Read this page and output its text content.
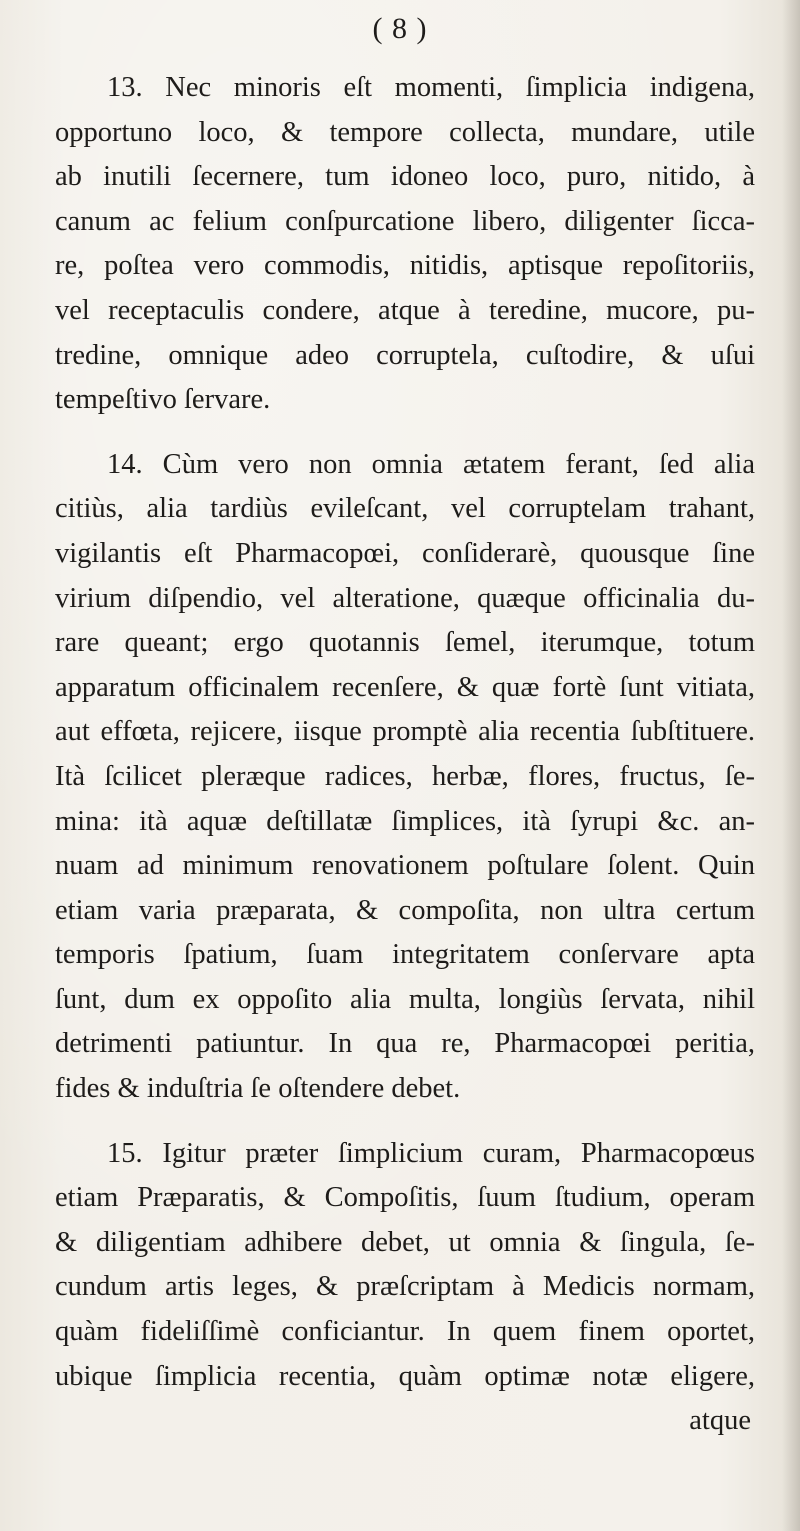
( 8 )
13. Nec minoris eſt momenti, ſimplicia indigena,
opportuno loco, & tempore collecta, mundare, utile
ab inutili ſecernere, tum idoneo loco, puro, nitido, à
canum ac felium conſpurcatione libero, diligenter ſicca-
re, poſtea vero commodis, nitidis, aptisque repoſitoriis,
vel receptaculis condere, atque à teredine, mucore, pu-
tredine, omnique adeo corruptela, cuſtodire, & uſui
tempeſtivo ſervare.
14. Cùm vero non omnia ætatem ferant, ſed alia
citiùs, alia tardiùs evileſcant, vel corruptelam trahant,
vigilantis eſt Pharmacopœi, conſiderarè, quousque ſine
virium diſpendio, vel alteratione, quæque officinalia du-
rare queant; ergo quotannis ſemel, iterumque, totum
apparatum officinalem recenſere, & quæ fortè ſunt vitiata,
aut effœta, rejicere, iisque promptè alia recentia ſubſtituere.
Ità ſcilicet pleræque radices, herbæ, flores, fructus, ſe-
mina: ità aquæ deſtillatæ ſimplices, ità ſyrupi &c. an-
nuam ad minimum renovationem poſtulare ſolent. Quin
etiam varia præparata, & compoſita, non ultra certum
temporis ſpatium, ſuam integritatem conſervare apta
ſunt, dum ex oppoſito alia multa, longiùs ſervata, nihil
detrimenti patiuntur. In qua re, Pharmacopœi peritia,
fides & induſtria ſe oſtendere debet.
15. Igitur præter ſimplicium curam, Pharmacopœus
etiam Præparatis, & Compoſitis, ſuum ſtudium, operam
& diligentiam adhibere debet, ut omnia & ſingula, ſe-
cundum artis leges, & præſcriptam à Medicis normam,
quàm fideliſſimè conficiantur. In quem finem oportet,
ubique ſimplicia recentia, quàm optimæ notæ eligere,
atque
